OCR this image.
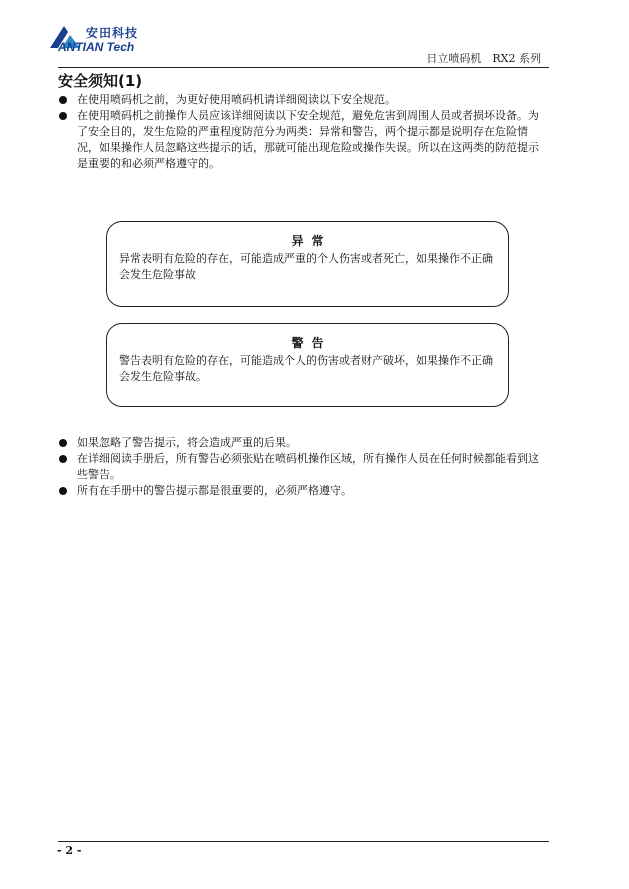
安田科技
ANTIAN Tech
日立喷码机　RX2 系列
安全须知(1)
在使用喷码机之前，为更好使用喷码机请详细阅读以下安全规范。
在使用喷码机之前操作人员应该详细阅读以下安全规范，避免危害到周围人员或者损坏设备。为了安全目的，发生危险的严重程度防范分为两类：异常和警告，两个提示都是说明存在危险情况，如果操作人员忽略这些提示的话，那就可能出现危险或操作失误。所以在这两类的防范提示是重要的和必须严格遵守的。
异常
异常表明有危险的存在，可能造成严重的个人伤害或者死亡，如果操作不正确会发生危险事故
警告
警告表明有危险的存在，可能造成个人的伤害或者财产破坏，如果操作不正确会发生危险事故。
如果忽略了警告提示，将会造成严重的后果。
在详细阅读手册后，所有警告必须张贴在喷码机操作区域，所有操作人员在任何时候都能看到这些警告。
所有在手册中的警告提示都是很重要的，必须严格遵守。
- 2 -
